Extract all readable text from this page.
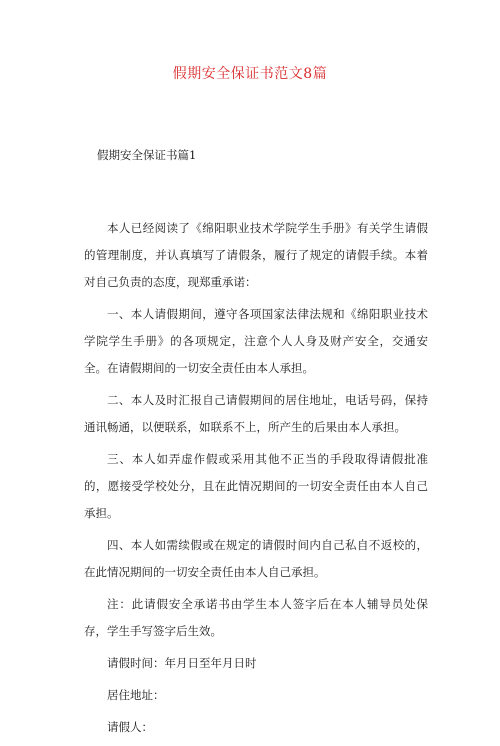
假期安全保证书范文8篇
假期安全保证书篇1

本人已经阅读了《绵阳职业技术学院学生手册》有关学生请假的管理制度，并认真填写了请假条，履行了规定的请假手续。本着对自己负责的态度，现郑重承诺：

一、本人请假期间，遵守各项国家法律法规和《绵阳职业技术学院学生手册》的各项规定，注意个人人身及财产安全，交通安全。在请假期间的一切安全责任由本人承担。

二、本人及时汇报自己请假期间的居住地址，电话号码，保持通讯畅通，以便联系，如联系不上，所产生的后果由本人承担。

三、本人如弄虚作假或采用其他不正当的手段取得请假批准的，愿接受学校处分，且在此情况期间的一切安全责任由本人自己承担。

四、本人如需续假或在规定的请假时间内自己私自不返校的，在此情况期间的一切安全责任由本人自己承担。

注：此请假安全承诺书由学生本人签字后在本人辅导员处保存，学生手写签字后生效。

请假时间：年月日至年月日时

居住地址：

请假人：
